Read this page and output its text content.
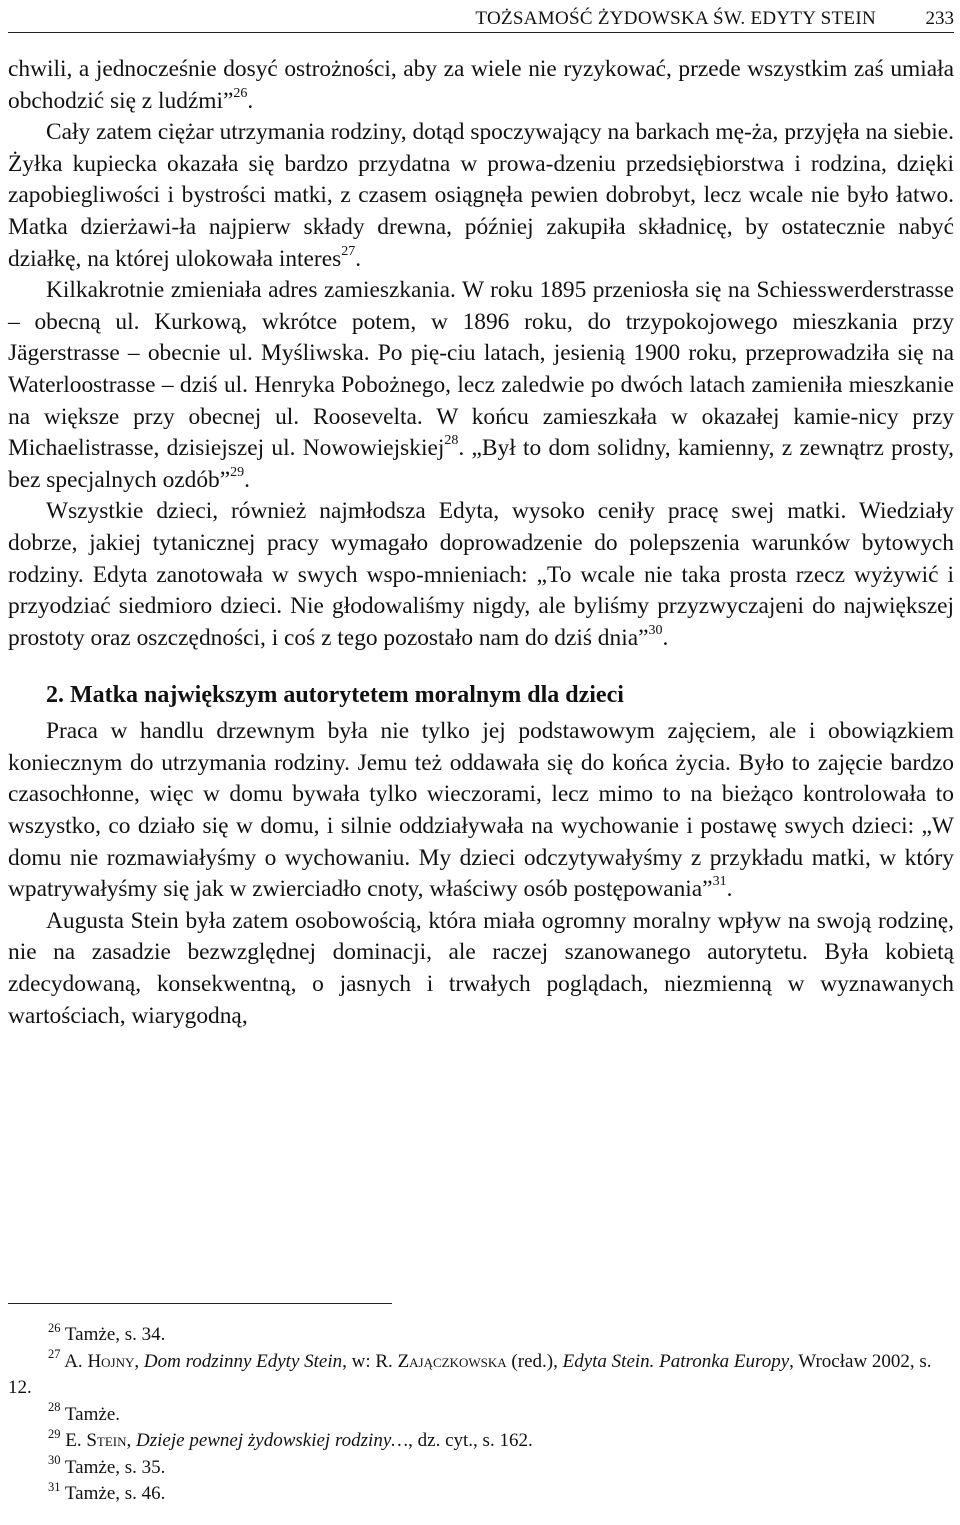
TOŻSAMOŚĆ ŻYDOWSKA ŚW. EDYTY STEIN	233

chwili, a jednocześnie dosyć ostrożności, aby za wiele nie ryzykować, przede wszystkim zaś umiała obchodzić się z ludźmi”$^{26}$.

Cały zatem ciężar utrzymania rodziny, dotąd spoczywający na barkach mę-ża, przyjęła na siebie. Żyłka kupiecka okazała się bardzo przydatna w prowa-dzeniu przedsiębiorstwa i rodzina, dzięki zapobiegliwości i bystrości matki, z czasem osiągnęła pewien dobrobyt, lecz wcale nie było łatwo. Matka dzierżawi-ła najpierw składy drewna, później zakupiła składnicę, by ostatecznie nabyć działkę, na której ulokowała interes$^{27}$.

Kilkakrotnie zmieniała adres zamieszkania. W roku 1895 przeniosła się na Schiesswerderstrasse – obecną ul. Kurkową, wkrótce potem, w 1896 roku, do trzypokojowego mieszkania przy Jägerstrasse – obecnie ul. Myśliwska. Po pię-ciu latach, jesienią 1900 roku, przeprowadziła się na Waterloostrasse – dziś ul. Henryka Pobożnego, lecz zaledwie po dwóch latach zamieniła mieszkanie na większe przy obecnej ul. Roosevelta. W końcu zamieszkała w okazałej kamie-nicy przy Michaelistrasse, dzisiejszej ul. Nowowiejskiej$^{28}$. „Był to dom solidny, kamienny, z zewnątrz prosty, bez specjalnych ozdób”$^{29}$.

Wszystkie dzieci, również najmłodsza Edyta, wysoko ceniły pracę swej matki. Wiedziały dobrze, jakiej tytanicznej pracy wymagało doprowadzenie do polepszenia warunków bytowych rodziny. Edyta zanotowała w swych wspo-mnieniach: „To wcale nie taka prosta rzecz wyżywić i przyodziać siedmioro dzieci. Nie głodowaliśmy nigdy, ale byliśmy przyzwyczajeni do największej prostoty oraz oszczędności, i coś z tego pozostało nam do dziś dnia”$^{30}$.

2. Matka największym autorytetem moralnym dla dzieci

Praca w handlu drzewnym była nie tylko jej podstawowym zajęciem, ale i obowiązkiem koniecznym do utrzymania rodziny. Jemu też oddawała się do końca życia. Było to zajęcie bardzo czasochłonne, więc w domu bywała tylko wieczorami, lecz mimo to na bieżąco kontrolowała to wszystko, co działo się w domu, i silnie oddziaływała na wychowanie i postawę swych dzieci: „W domu nie rozmawiałyśmy o wychowaniu. My dzieci odczytywałyśmy z przykładu matki, w który wpatrywałyśmy się jak w zwierciadło cnoty, właściwy osób postępowania”$^{31}$.

Augusta Stein była zatem osobowością, która miała ogromny moralny wpływ na swoją rodzinę, nie na zasadzie bezwzględnej dominacji, ale raczej szanowanego autorytetu. Była kobietą zdecydowaną, konsekwentną, o jasnych i trwałych poglądach, niezmienną w wyznawanych wartościach, wiarygodną,

$^{26}$ Tamże, s. 34.

$^{27}$ A. Hojny, Dom rodzinny Edyty Stein, w: R. Zajączkowska (red.), Edyta Stein. Patronka Europy, Wrocław 2002, s. 12.

$^{28}$ Tamże.

$^{29}$ E. Stein, Dzieje pewnej żydowskiej rodziny…, dz. cyt., s. 162.

$^{30}$ Tamże, s. 35.

$^{31}$ Tamże, s. 46.
